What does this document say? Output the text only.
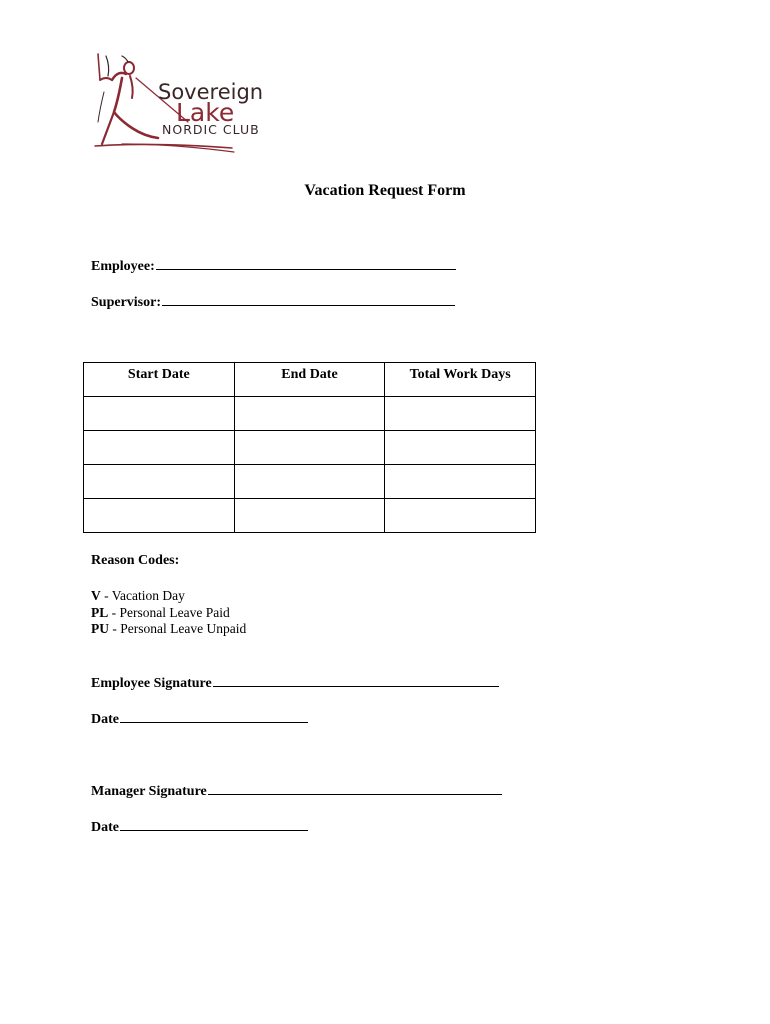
Sovereign
Lake
NORDIC CLUB
Vacation Request Form
Employee:
Supervisor:
Start Date	End Date	Total Work Days

Reason Codes:
V - Vacation Day
PL - Personal Leave Paid
PU - Personal Leave Unpaid
Employee Signature
Date
Manager Signature
Date
